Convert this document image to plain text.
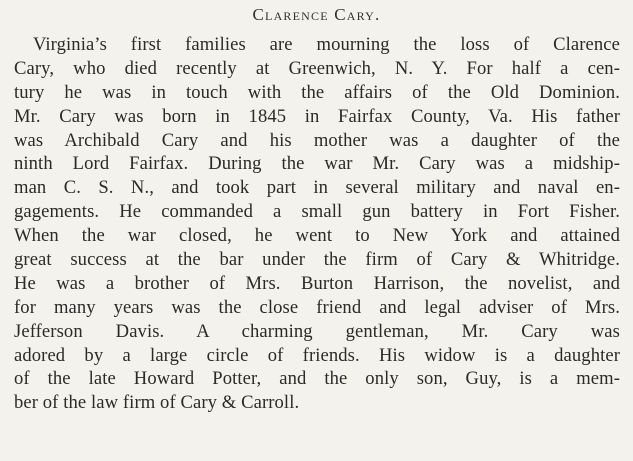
Clarence Cary.

Virginia’s first families are mourning the loss of Clarence
Cary, who died recently at Greenwich, N. Y. For half a cen-
tury he was in touch with the affairs of the Old Dominion.
Mr. Cary was born in 1845 in Fairfax County, Va. His father
was Archibald Cary and his mother was a daughter of the
ninth Lord Fairfax. During the war Mr. Cary was a midship-
man C. S. N., and took part in several military and naval en-
gagements. He commanded a small gun battery in Fort Fisher.
When the war closed, he went to New York and attained
great success at the bar under the firm of Cary & Whitridge.
He was a brother of Mrs. Burton Harrison, the novelist, and
for many years was the close friend and legal adviser of Mrs.
Jefferson Davis. A charming gentleman, Mr. Cary was
adored by a large circle of friends. His widow is a daughter
of the late Howard Potter, and the only son, Guy, is a mem-
ber of the law firm of Cary & Carroll.
